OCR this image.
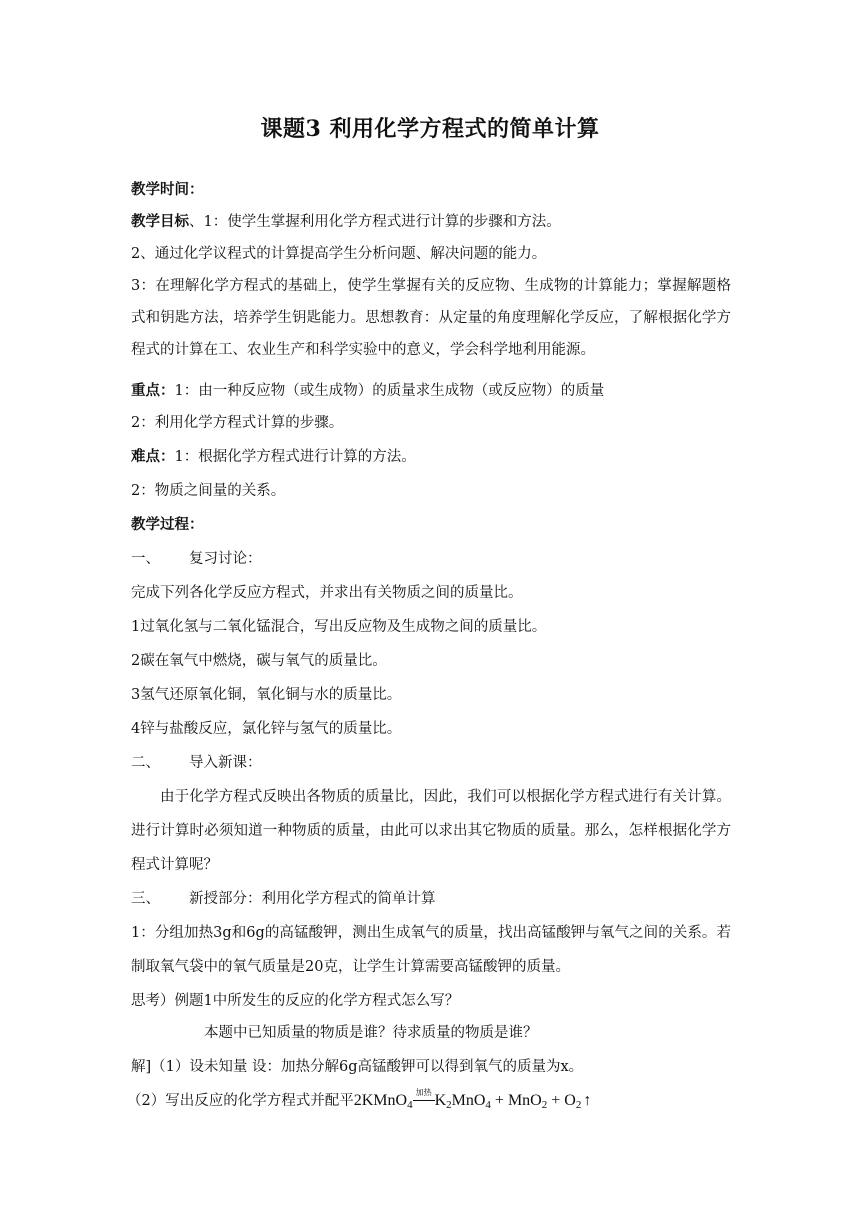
课题3 利用化学方程式的简单计算
教学时间：
教学目标、1：使学生掌握利用化学方程式进行计算的步骤和方法。
2、通过化学议程式的计算提高学生分析问题、解决问题的能力。
3：在理解化学方程式的基础上，使学生掌握有关的反应物、生成物的计算能力；掌握解题格式和钥匙方法，培养学生钥匙能力。思想教育：从定量的角度理解化学反应，了解根据化学方程式的计算在工、农业生产和科学实验中的意义，学会科学地利用能源。
重点：1：由一种反应物（或生成物）的质量求生成物（或反应物）的质量
2：利用化学方程式计算的步骤。
难点：1：根据化学方程式进行计算的方法。
2：物质之间量的关系。
教学过程：
一、 复习讨论：
完成下列各化学反应方程式，并求出有关物质之间的质量比。
1过氧化氢与二氧化锰混合，写出反应物及生成物之间的质量比。
2碳在氧气中燃烧，碳与氧气的质量比。
3氢气还原氧化铜，氧化铜与水的质量比。
4锌与盐酸反应，氯化锌与氢气的质量比。
二、 导入新课：
由于化学方程式反映出各物质的质量比，因此，我们可以根据化学方程式进行有关计算。进行计算时必须知道一种物质的质量，由此可以求出其它物质的质量。那么，怎样根据化学方程式计算呢？
三、 新授部分：利用化学方程式的简单计算
1：分组加热3g和6g的高锰酸钾，测出生成氧气的质量，找出高锰酸钾与氧气之间的关系。若制取氧气袋中的氧气质量是20克，让学生计算需要高锰酸钾的质量。
思考）例题1中所发生的反应的化学方程式怎么写？
本题中已知质量的物质是谁？待求质量的物质是谁？
解]（1）设未知量 设：加热分解6g高锰酸钾可以得到氧气的质量为x。
（2）写出反应的化学方程式并配平2KMnO$_4$
加热 $K_2MnO_4 + MnO_2 + O_2$ ↑
